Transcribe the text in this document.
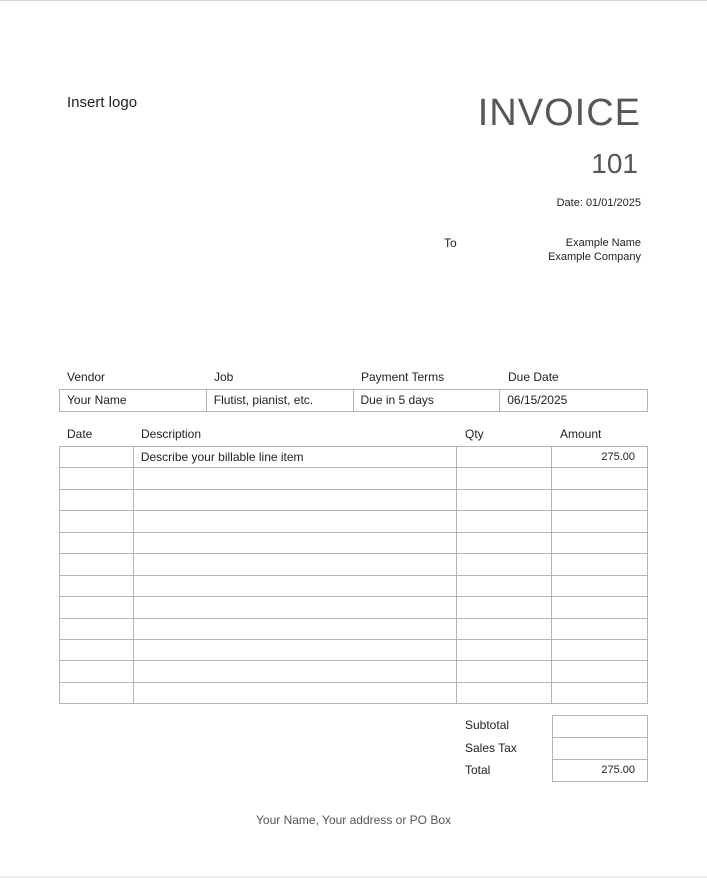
Insert logo	INVOICE
101
Date: 01/01/2025
To	Example Name
Example Company
Vendor	Job	Payment Terms	Due Date
Your Name	Flutist, pianist, etc.	Due in 5 days	06/15/2025
Date	Description	Qty	Amount
	Describe your billable line item		275.00

Subtotal
Sales Tax
Total	275.00
Your Name, Your address or PO Box
